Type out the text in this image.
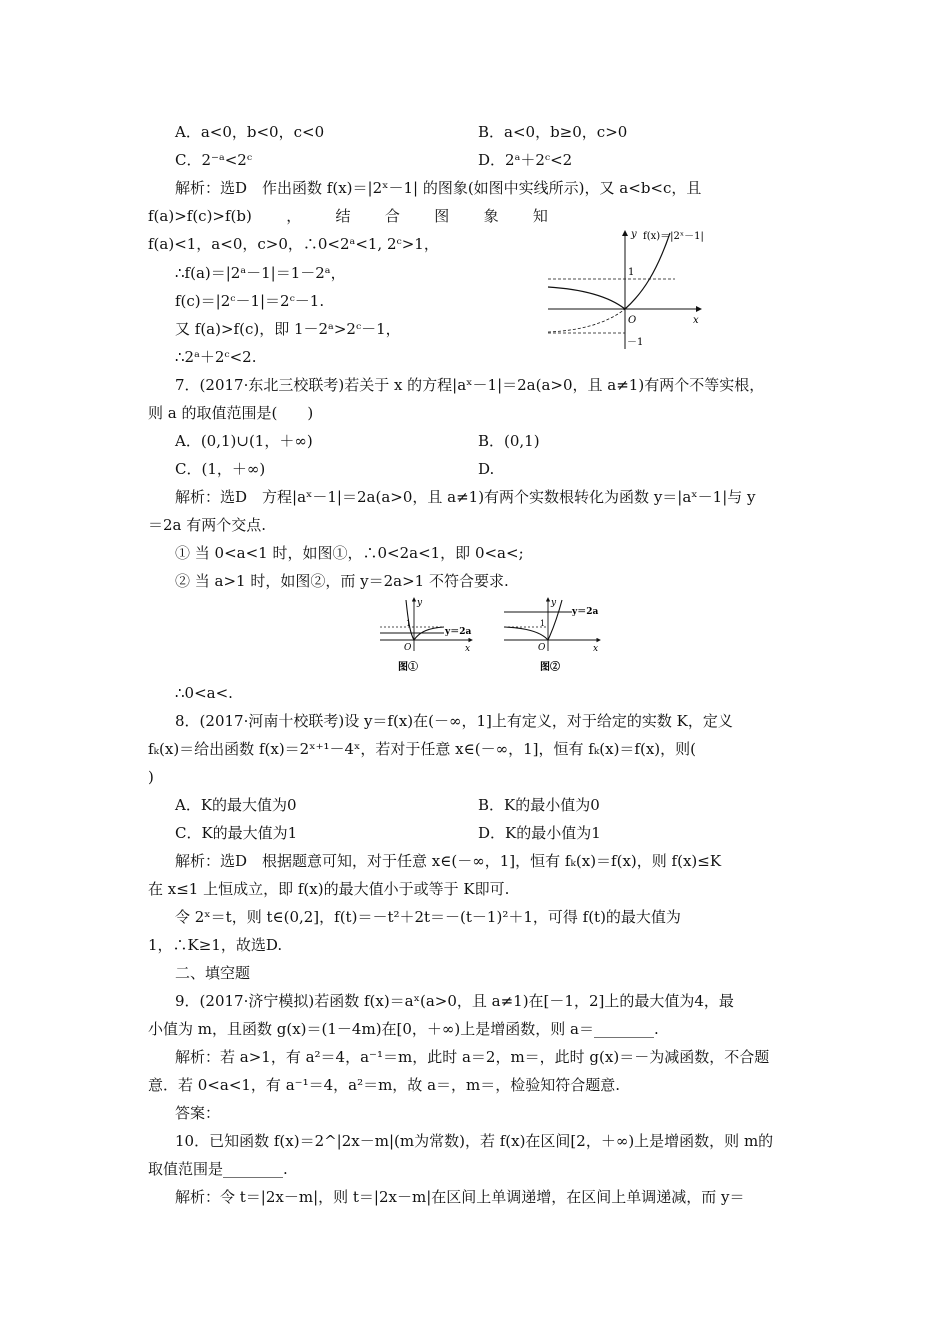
A．a<0，b<0，c<0	B．a<0，b≥0，c>0
C．2⁻ᵃ<2ᶜ	D．2ᵃ＋2ᶜ<2
解析：选D　作出函数 f(x)＝|2ˣ－1| 的图象(如图中实线所示)，又 a<b<c，且
f(a)>f(c)>f(b) ， 结 合 图 象 知
f(a)<1，a<0，c>0，∴0<2ᵃ<1, 2ᶜ>1，
∴f(a)＝|2ᵃ－1|＝1－2ᵃ，
f(c)＝|2ᶜ－1|＝2ᶜ－1.
又 f(a)>f(c)，即 1－2ᵃ>2ᶜ－1，
∴2ᵃ＋2ᶜ<2.
f(x)＝|2ˣ－1|
y
x
1
O
－1
7．(2017·东北三校联考)若关于 x 的方程|aˣ－1|＝2a(a>0，且 a≠1)有两个不等实根，
则 a 的取值范围是(　　)
A．(0,1)∪(1，＋∞)	B．(0,1)
C．(1，＋∞)	D.
解析：选D　方程|aˣ－1|＝2a(a>0，且 a≠1)有两个实数根转化为函数 y＝|aˣ－1|与 y
＝2a 有两个交点.
① 当 0<a<1 时，如图①，∴0<2a<1，即 0<a<;
② 当 a>1 时，如图②，而 y＝2a>1 不符合要求.
y
x
1
O
y＝2a
图①
y
x
1
O
y＝2a
图②
∴0<a<.
8．(2017·河南十校联考)设 y＝f(x)在(－∞，1]上有定义，对于给定的实数 K，定义
fₖ(x)＝给出函数 f(x)＝2ˣ⁺¹－4ˣ，若对于任意 x∈(－∞，1]，恒有 fₖ(x)＝f(x)，则(
)
A．K的最大值为0	B．K的最小值为0
C．K的最大值为1	D．K的最小值为1
解析：选D　根据题意可知，对于任意 x∈(－∞，1]，恒有 fₖ(x)＝f(x)，则 f(x)≤K
在 x≤1 上恒成立，即 f(x)的最大值小于或等于 K即可.
令 2ˣ＝t，则 t∈(0,2]，f(t)＝－t²＋2t＝－(t－1)²＋1，可得 f(t)的最大值为
1，∴K≥1，故选D.
二、填空题
9．(2017·济宁模拟)若函数 f(x)＝aˣ(a>0，且 a≠1)在[－1，2]上的最大值为4，最
小值为 m，且函数 g(x)＝(1－4m)在[0，＋∞)上是增函数，则 a＝________.
解析：若 a>1，有 a²＝4，a⁻¹＝m，此时 a＝2，m＝，此时 g(x)＝－为减函数，不合题
意．若 0<a<1，有 a⁻¹＝4，a²＝m，故 a＝，m＝，检验知符合题意.
答案：
10．已知函数 f(x)＝2^|2x－m|(m为常数)，若 f(x)在区间[2，＋∞)上是增函数，则 m的
取值范围是________.
解析：令 t＝|2x－m|，则 t＝|2x－m|在区间上单调递增，在区间上单调递减，而 y＝
